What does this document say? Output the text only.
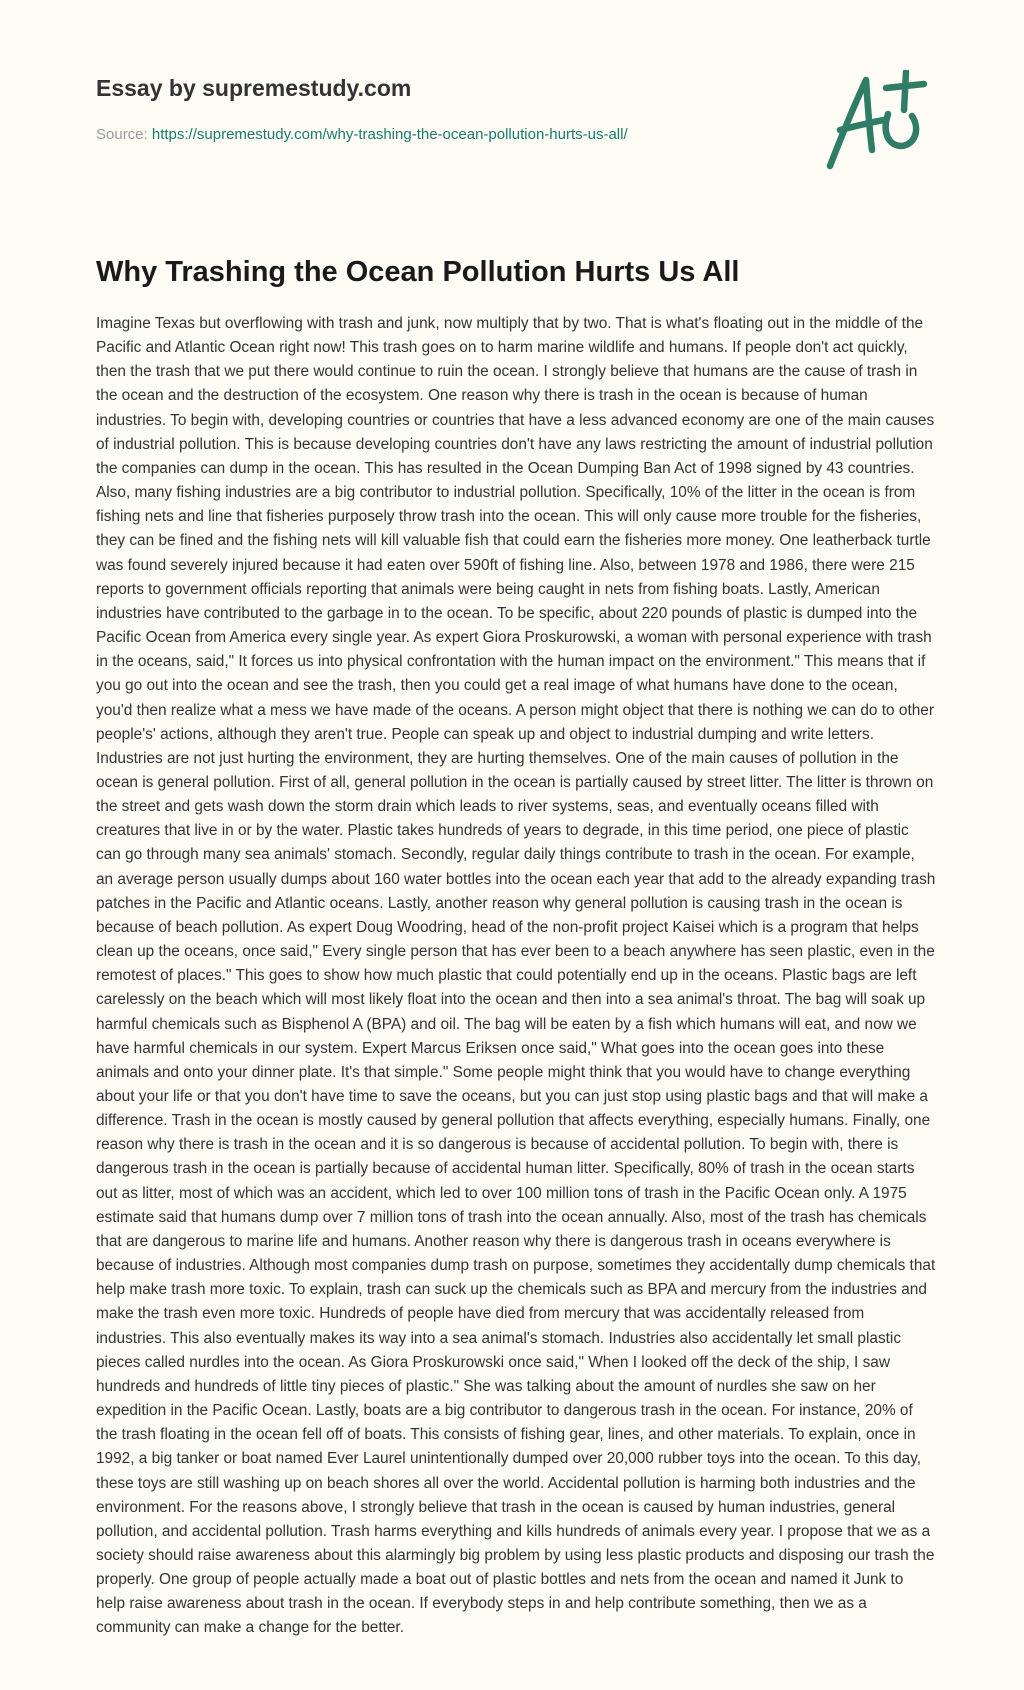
Essay by supremestudy.com
Source: https://supremestudy.com/why-trashing-the-ocean-pollution-hurts-us-all/
Why Trashing the Ocean Pollution Hurts Us All

Imagine Texas but overflowing with trash and junk, now multiply that by two. That is what's floating out in the middle of the Pacific and Atlantic Ocean right now! This trash goes on to harm marine wildlife and humans. If people don't act quickly, then the trash that we put there would continue to ruin the ocean. I strongly believe that humans are the cause of trash in the ocean and the destruction of the ecosystem. One reason why there is trash in the ocean is because of human industries. To begin with, developing countries or countries that have a less advanced economy are one of the main causes of industrial pollution. This is because developing countries don't have any laws restricting the amount of industrial pollution the companies can dump in the ocean. This has resulted in the Ocean Dumping Ban Act of 1998 signed by 43 countries. Also, many fishing industries are a big contributor to industrial pollution. Specifically, 10% of the litter in the ocean is from fishing nets and line that fisheries purposely throw trash into the ocean. This will only cause more trouble for the fisheries, they can be fined and the fishing nets will kill valuable fish that could earn the fisheries more money. One leatherback turtle was found severely injured because it had eaten over 590ft of fishing line. Also, between 1978 and 1986, there were 215 reports to government officials reporting that animals were being caught in nets from fishing boats. Lastly, American industries have contributed to the garbage in to the ocean. To be specific, about 220 pounds of plastic is dumped into the Pacific Ocean from America every single year. As expert Giora Proskurowski, a woman with personal experience with trash in the oceans, said," It forces us into physical confrontation with the human impact on the environment." This means that if you go out into the ocean and see the trash, then you could get a real image of what humans have done to the ocean, you'd then realize what a mess we have made of the oceans. A person might object that there is nothing we can do to other people's' actions, although they aren't true. People can speak up and object to industrial dumping and write letters. Industries are not just hurting the environment, they are hurting themselves. One of the main causes of pollution in the ocean is general pollution. First of all, general pollution in the ocean is partially caused by street litter. The litter is thrown on the street and gets wash down the storm drain which leads to river systems, seas, and eventually oceans filled with creatures that live in or by the water. Plastic takes hundreds of years to degrade, in this time period, one piece of plastic can go through many sea animals' stomach. Secondly, regular daily things contribute to trash in the ocean. For example, an average person usually dumps about 160 water bottles into the ocean each year that add to the already expanding trash patches in the Pacific and Atlantic oceans. Lastly, another reason why general pollution is causing trash in the ocean is because of beach pollution. As expert Doug Woodring, head of the non-profit project Kaisei which is a program that helps clean up the oceans, once said," Every single person that has ever been to a beach anywhere has seen plastic, even in the remotest of places." This goes to show how much plastic that could potentially end up in the oceans. Plastic bags are left carelessly on the beach which will most likely float into the ocean and then into a sea animal's throat. The bag will soak up harmful chemicals such as Bisphenol A (BPA) and oil. The bag will be eaten by a fish which humans will eat, and now we have harmful chemicals in our system. Expert Marcus Eriksen once said," What goes into the ocean goes into these animals and onto your dinner plate. It's that simple." Some people might think that you would have to change everything about your life or that you don't have time to save the oceans, but you can just stop using plastic bags and that will make a difference. Trash in the ocean is mostly caused by general pollution that affects everything, especially humans. Finally, one reason why there is trash in the ocean and it is so dangerous is because of accidental pollution. To begin with, there is dangerous trash in the ocean is partially because of accidental human litter. Specifically, 80% of trash in the ocean starts out as litter, most of which was an accident, which led to over 100 million tons of trash in the Pacific Ocean only. A 1975 estimate said that humans dump over 7 million tons of trash into the ocean annually. Also, most of the trash has chemicals that are dangerous to marine life and humans. Another reason why there is dangerous trash in oceans everywhere is because of industries. Although most companies dump trash on purpose, sometimes they accidentally dump chemicals that help make trash more toxic. To explain, trash can suck up the chemicals such as BPA and mercury from the industries and make the trash even more toxic. Hundreds of people have died from mercury that was accidentally released from industries. This also eventually makes its way into a sea animal's stomach. Industries also accidentally let small plastic pieces called nurdles into the ocean. As Giora Proskurowski once said," When I looked off the deck of the ship, I saw hundreds and hundreds of little tiny pieces of plastic." She was talking about the amount of nurdles she saw on her expedition in the Pacific Ocean. Lastly, boats are a big contributor to dangerous trash in the ocean. For instance, 20% of the trash floating in the ocean fell off of boats. This consists of fishing gear, lines, and other materials. To explain, once in 1992, a big tanker or boat named Ever Laurel unintentionally dumped over 20,000 rubber toys into the ocean. To this day, these toys are still washing up on beach shores all over the world. Accidental pollution is harming both industries and the environment. For the reasons above, I strongly believe that trash in the ocean is caused by human industries, general pollution, and accidental pollution. Trash harms everything and kills hundreds of animals every year. I propose that we as a society should raise awareness about this alarmingly big problem by using less plastic products and disposing our trash the properly. One group of people actually made a boat out of plastic bottles and nets from the ocean and named it Junk to help raise awareness about trash in the ocean. If everybody steps in and help contribute something, then we as a community can make a change for the better.
